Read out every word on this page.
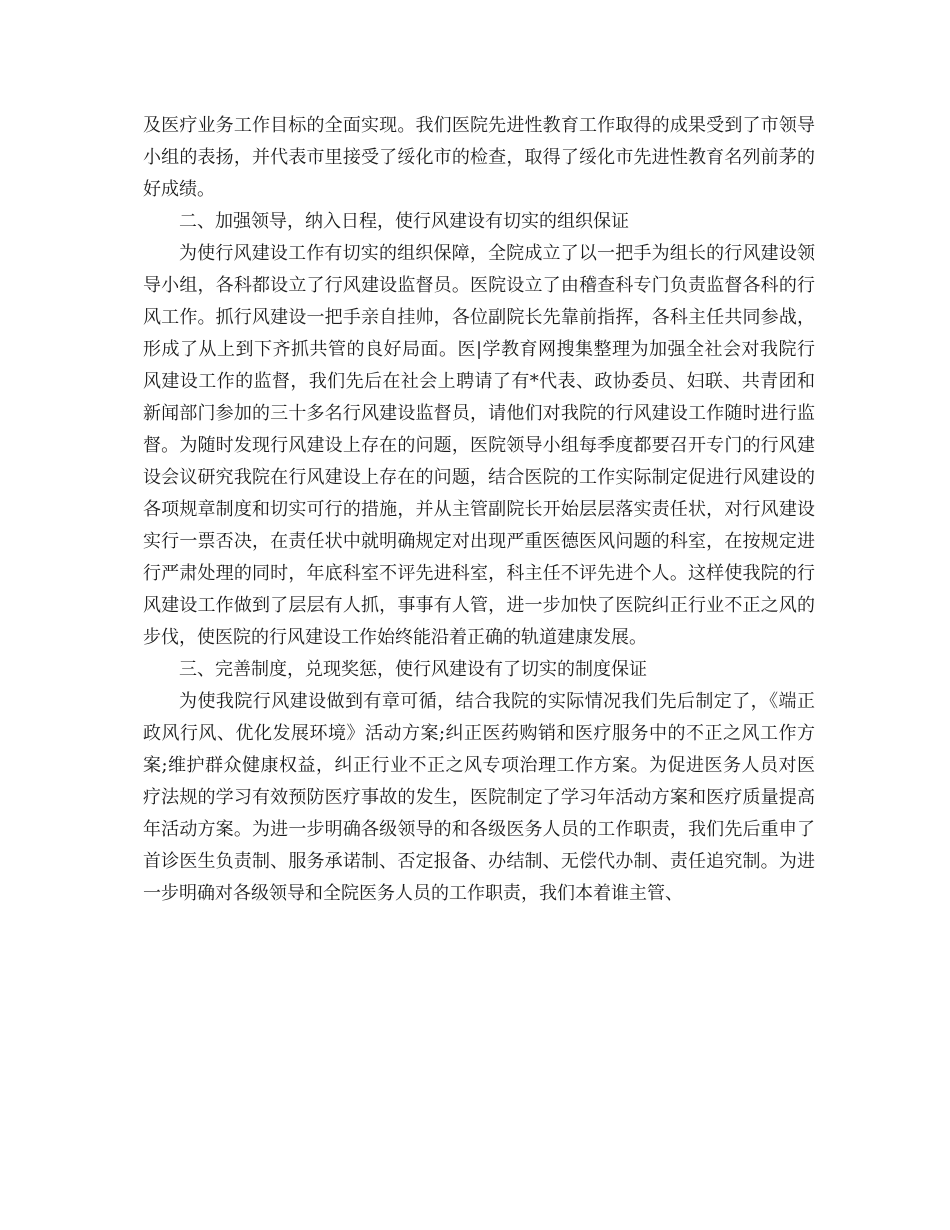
及医疗业务工作目标的全面实现。我们医院先进性教育工作取得的成果受到了市领导小组的表扬，并代表市里接受了绥化市的检查，取得了绥化市先进性教育名列前茅的好成绩。

二、加强领导，纳入日程，使行风建设有切实的组织保证

为使行风建设工作有切实的组织保障，全院成立了以一把手为组长的行风建设领导小组，各科都设立了行风建设监督员。医院设立了由稽查科专门负责监督各科的行风工作。抓行风建设一把手亲自挂帅，各位副院长先靠前指挥，各科主任共同参战，形成了从上到下齐抓共管的良好局面。医|学教育网搜集整理为加强全社会对我院行风建设工作的监督，我们先后在社会上聘请了有*代表、政协委员、妇联、共青团和新闻部门参加的三十多名行风建设监督员，请他们对我院的行风建设工作随时进行监督。为随时发现行风建设上存在的问题，医院领导小组每季度都要召开专门的行风建设会议研究我院在行风建设上存在的问题，结合医院的工作实际制定促进行风建设的各项规章制度和切实可行的措施，并从主管副院长开始层层落实责任状，对行风建设实行一票否决，在责任状中就明确规定对出现严重医德医风问题的科室，在按规定进行严肃处理的同时，年底科室不评先进科室，科主任不评先进个人。这样使我院的行风建设工作做到了层层有人抓，事事有人管，进一步加快了医院纠正行业不正之风的步伐，使医院的行风建设工作始终能沿着正确的轨道建康发展。

三、完善制度，兑现奖惩，使行风建设有了切实的制度保证

为使我院行风建设做到有章可循，结合我院的实际情况我们先后制定了，《端正政风行风、优化发展环境》活动方案;纠正医药购销和医疗服务中的不正之风工作方案;维护群众健康权益，纠正行业不正之风专项治理工作方案。为促进医务人员对医疗法规的学习有效预防医疗事故的发生，医院制定了学习年活动方案和医疗质量提高年活动方案。为进一步明确各级领导的和各级医务人员的工作职责，我们先后重申了首诊医生负责制、服务承诺制、否定报备、办结制、无偿代办制、责任追究制。为进一步明确对各级领导和全院医务人员的工作职责，我们本着谁主管、
